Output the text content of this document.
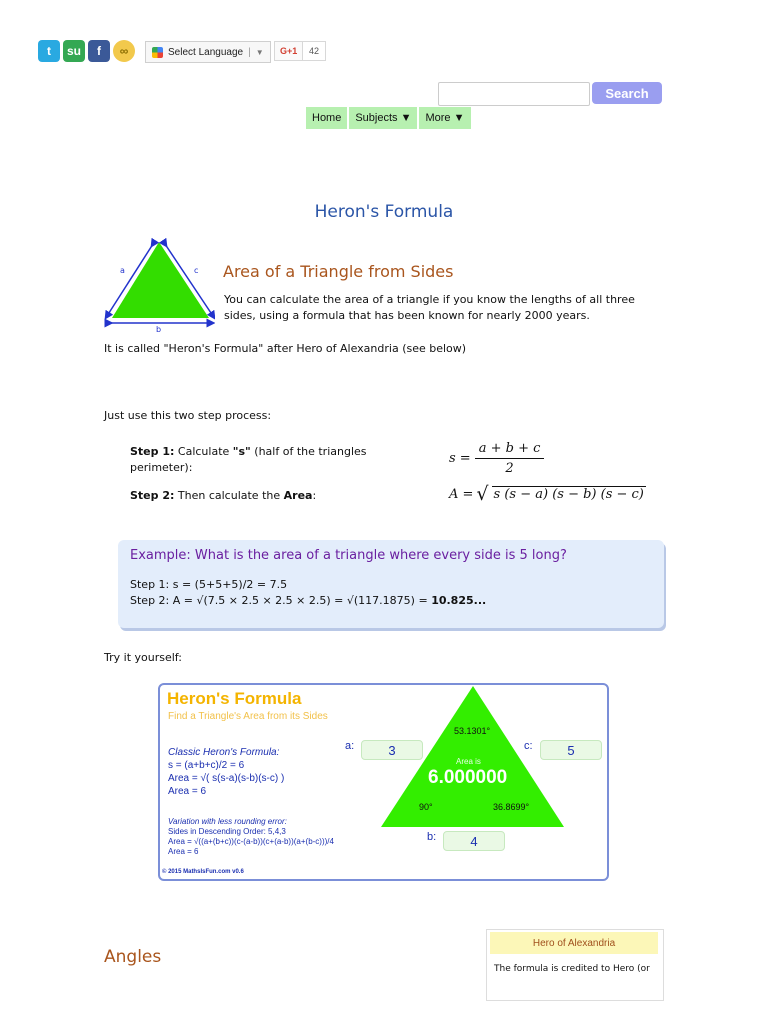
t	su	f	∞	Select Language | ▼	G+1	42
Search
Home	Subjects ▼	More ▼
Heron's Formula
a	c
b
Area of a Triangle from Sides
You can calculate the area of a triangle if you know the lengths of all three sides, using a formula that has been known for nearly 2000 years.
It is called "Heron's Formula" after Hero of Alexandria (see below)
Just use this two step process:
Step 1: Calculate "s" (half of the triangles perimeter):
Step 2: Then calculate the Area:
$s = \frac{a + b + c}{2}$
A = √ s (s − a) (s − b) (s − c)
Example: What is the area of a triangle where every side is 5 long?
Step 1: s = (5+5+5)/2 = 7.5
Step 2: A = √(7.5 × 2.5 × 2.5 × 2.5) = √(117.1875) = 10.825...
Try it yourself:
Heron's Formula
Find a Triangle's Area from its Sides
Classic Heron's Formula:
s = (a+b+c)/2 = 6
Area = √( s(s-a)(s-b)(s-c) )
Area = 6
Variation with less rounding error:
Sides in Descending Order: 5,4,3
Area = √((a+(b+c))(c-(a-b))(c+(a-b))(a+(b-c)))/4
Area = 6
© 2015 MathsIsFun.com v0.6
53.1301°
Area is
6.000000
90°	36.8699°
a:	3	c:	5
b:	4
Angles
Hero of Alexandria
The formula is credited to Hero (or
